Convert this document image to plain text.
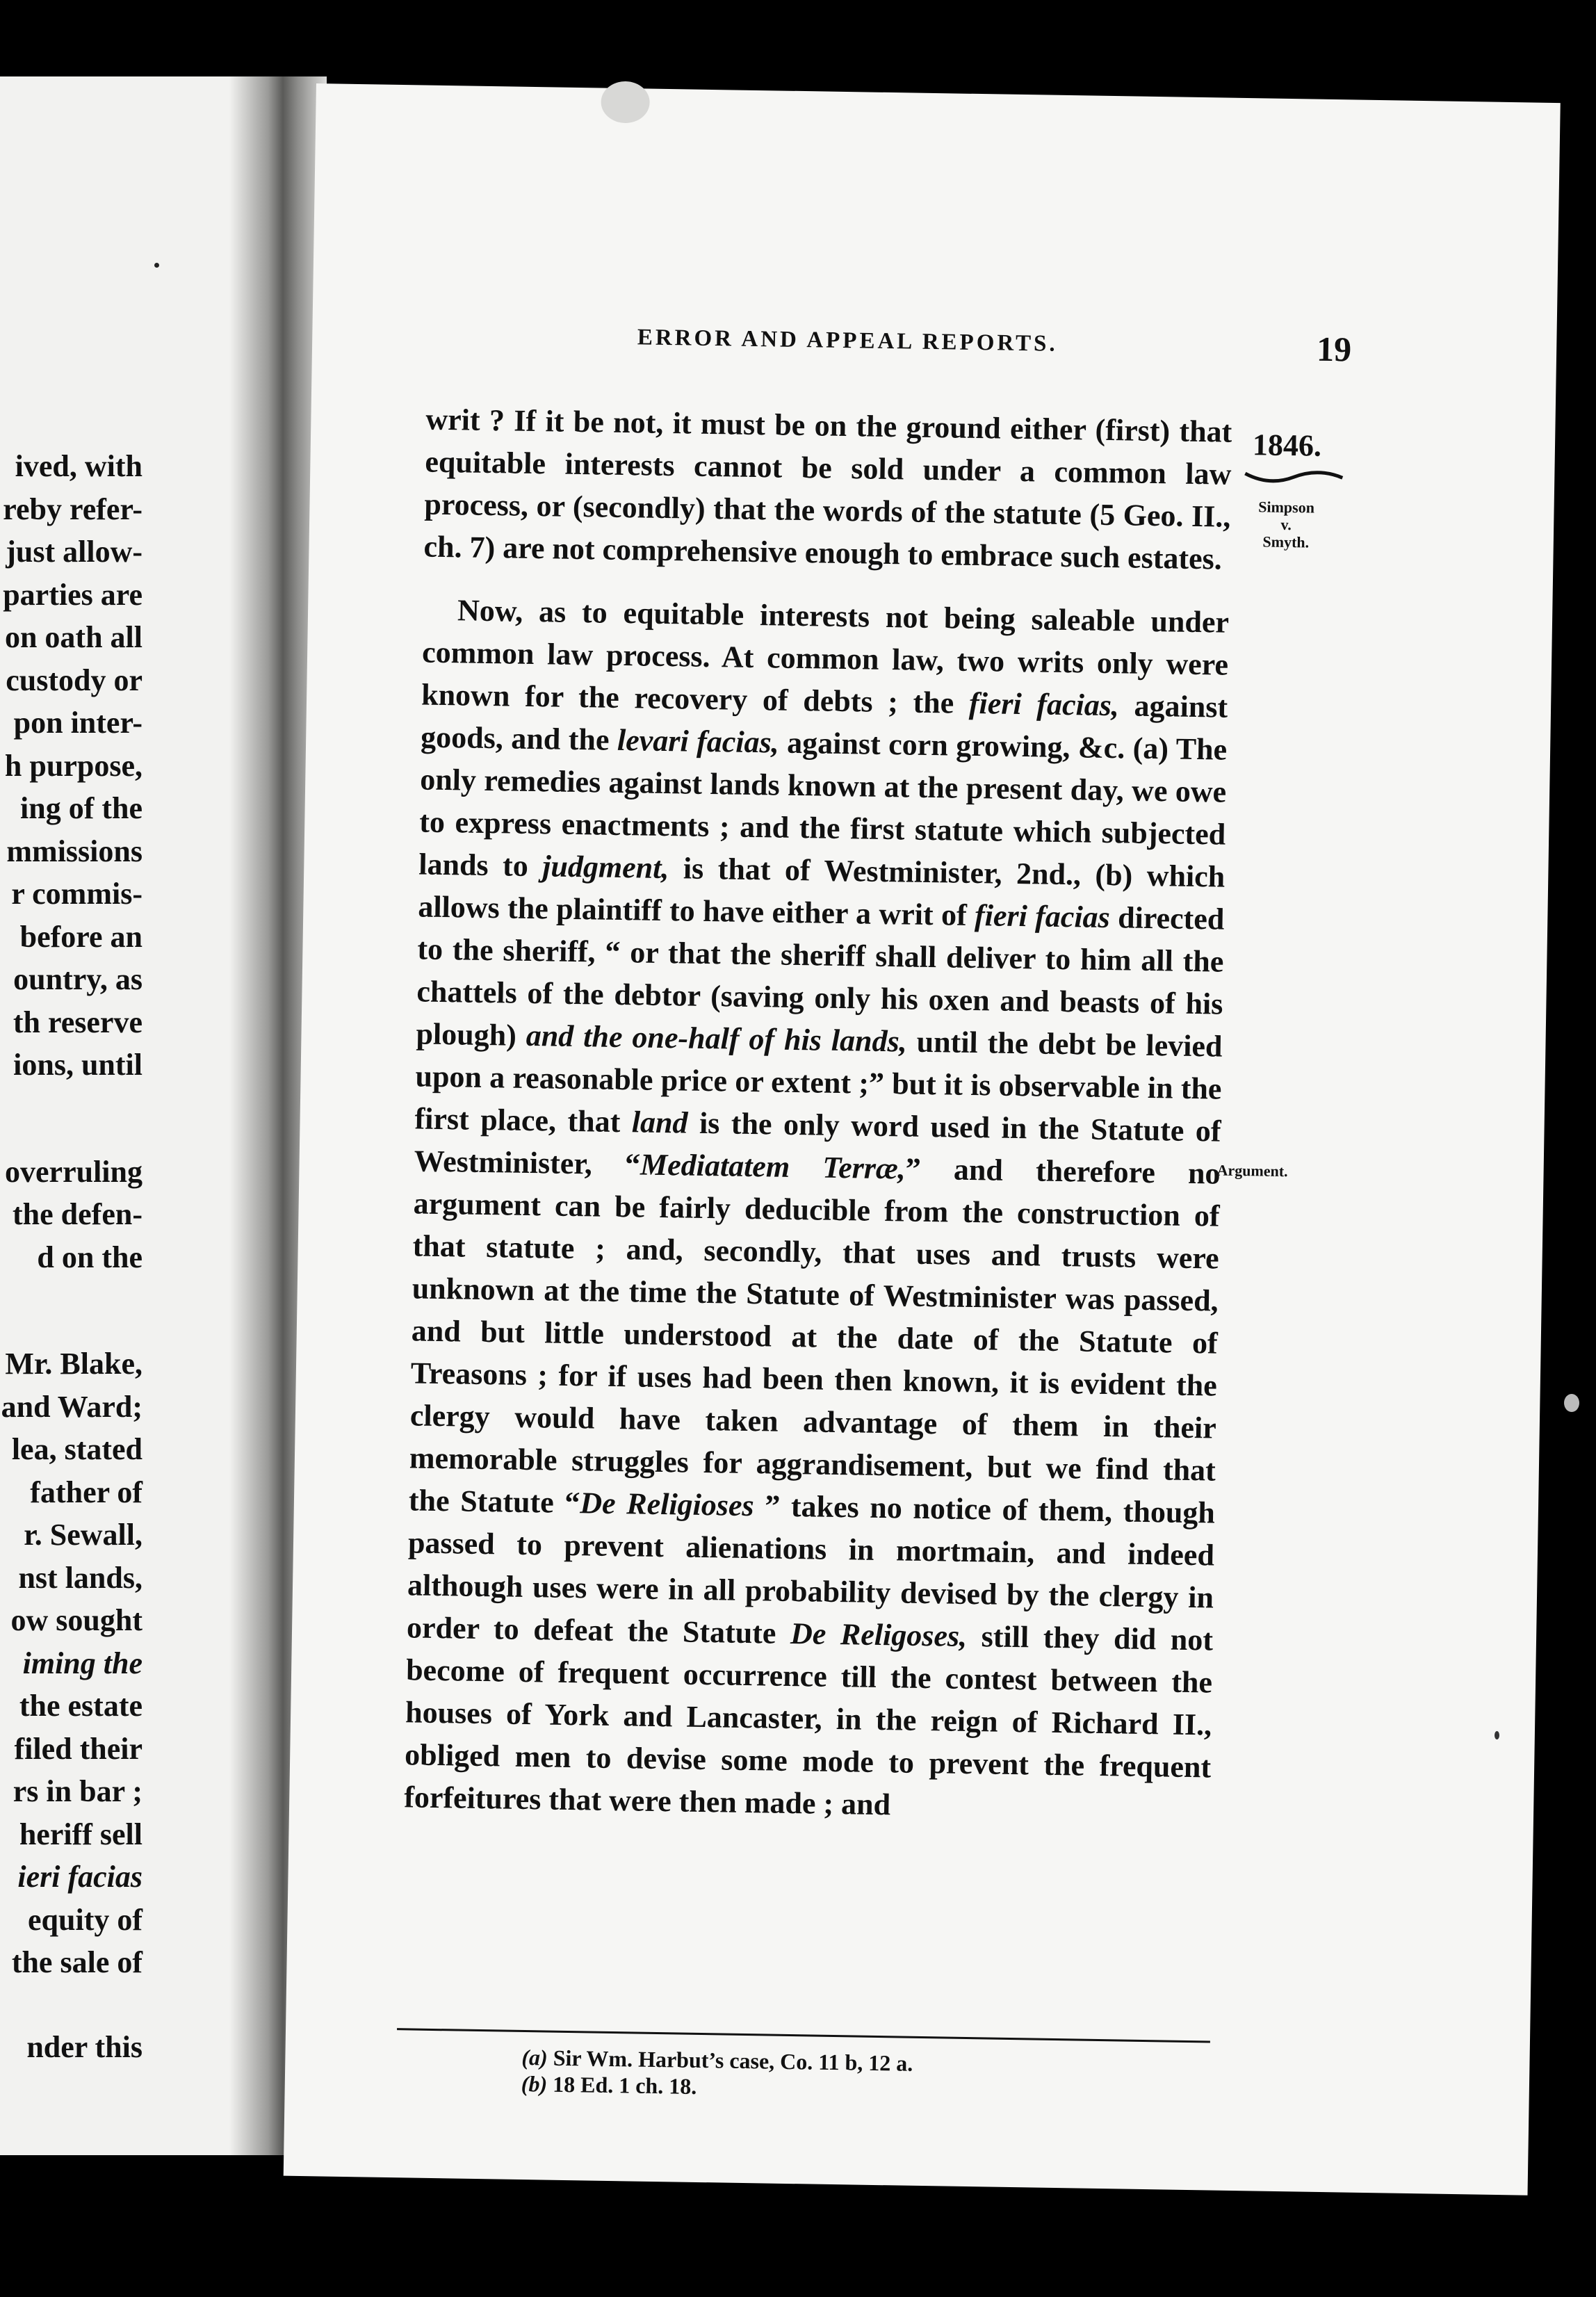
ived, with
reby refer-
just allow-
parties are
on oath all
custody or
pon inter-
h purpose,
ing of the
mmissions
r commis-
before an
ountry, as
th reserve
ions, until
overruling
the defen-
d on the
Mr. Blake,
and Ward;
lea, stated
father of
r. Sewall,
nst lands,
ow sought
iming the
the estate
filed their
rs in bar ;
heriff sell
ieri facias
equity of
the sale of
nder this
ERROR AND APPEAL REPORTS.	19
1846.
Simpson
v.
Smyth.
Argument.

writ ? If it be not, it must be on the ground either (first) that equitable interests cannot be sold under a common law process, or (secondly) that the words of the statute (5 Geo. II., ch. 7) are not comprehensive enough to embrace such estates.

Now, as to equitable interests not being saleable under common law process. At common law, two writs only were known for the recovery of debts ; the fieri facias, against goods, and the levari facias, against corn growing, &c. (a) The only remedies against lands known at the present day, we owe to express enactments ; and the first statute which subjected lands to judgment, is that of Westminister, 2nd., (b) which allows the plaintiff to have either a writ of fieri facias directed to the sheriff, “ or that the sheriff shall deliver to him all the chattels of the debtor (saving only his oxen and beasts of his plough) and the one-half of his lands, until the debt be levied upon a reasonable price or extent ;” but it is observable in the first place, that land is the only word used in the Statute of Westminister, “Mediatatem Terræ,” and therefore no argument can be fairly deducible from the construction of that statute ; and, secondly, that uses and trusts were unknown at the time the Statute of Westminister was passed, and but little understood at the date of the Statute of Treasons ; for if uses had been then known, it is evident the clergy would have taken advantage of them in their memorable struggles for aggrandisement, but we find that the Statute “De Religioses ” takes no notice of them, though passed to prevent alienations in mortmain, and indeed although uses were in all probability devised by the clergy in order to defeat the Statute De Religoses, still they did not become of frequent occurrence till the contest between the houses of York and Lancaster, in the reign of Richard II., obliged men to devise some mode to prevent the frequent forfeitures that were then made ; and

(a) Sir Wm. Harbut’s case, Co. 11 b, 12 a.
(b) 18 Ed. 1 ch. 18.
